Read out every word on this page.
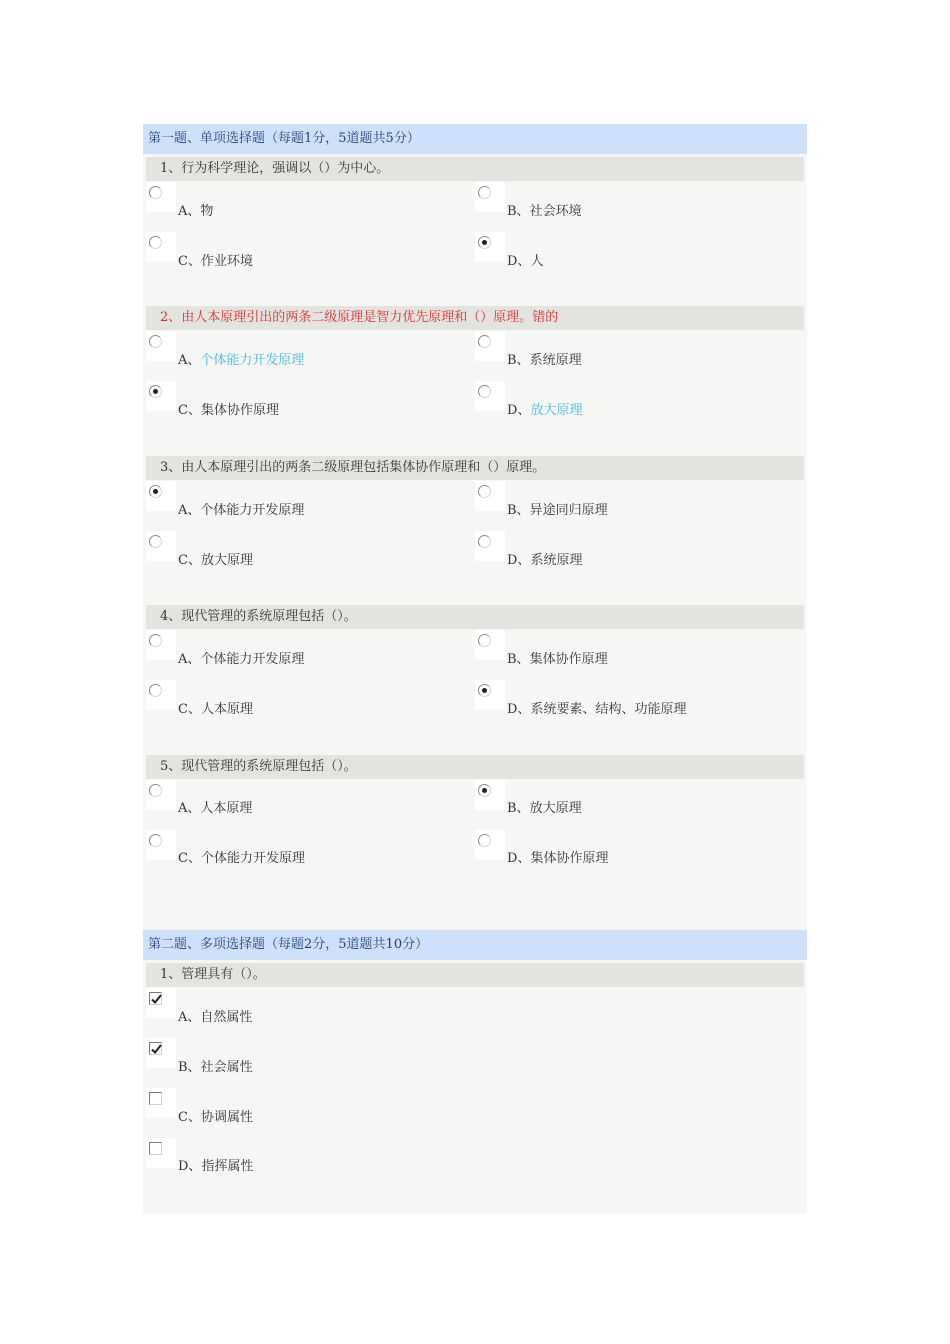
第一题、单项选择题（每题1分，5道题共5分）
1、行为科学理论，强调以（）为中心。
A、物	B、社会环境
C、作业环境	D、人
2、由人本原理引出的两条二级原理是智力优先原理和（）原理。错的
A、个体能力开发原理	B、系统原理
C、集体协作原理	D、放大原理
3、由人本原理引出的两条二级原理包括集体协作原理和（）原理。
A、个体能力开发原理	B、异途同归原理
C、放大原理	D、系统原理
4、现代管理的系统原理包括（）。
A、个体能力开发原理	B、集体协作原理
C、人本原理	D、系统要素、结构、功能原理
5、现代管理的系统原理包括（）。
A、人本原理	B、放大原理
C、个体能力开发原理	D、集体协作原理
第二题、多项选择题（每题2分，5道题共10分）
1、管理具有（）。
A、自然属性
B、社会属性
C、协调属性
D、指挥属性
